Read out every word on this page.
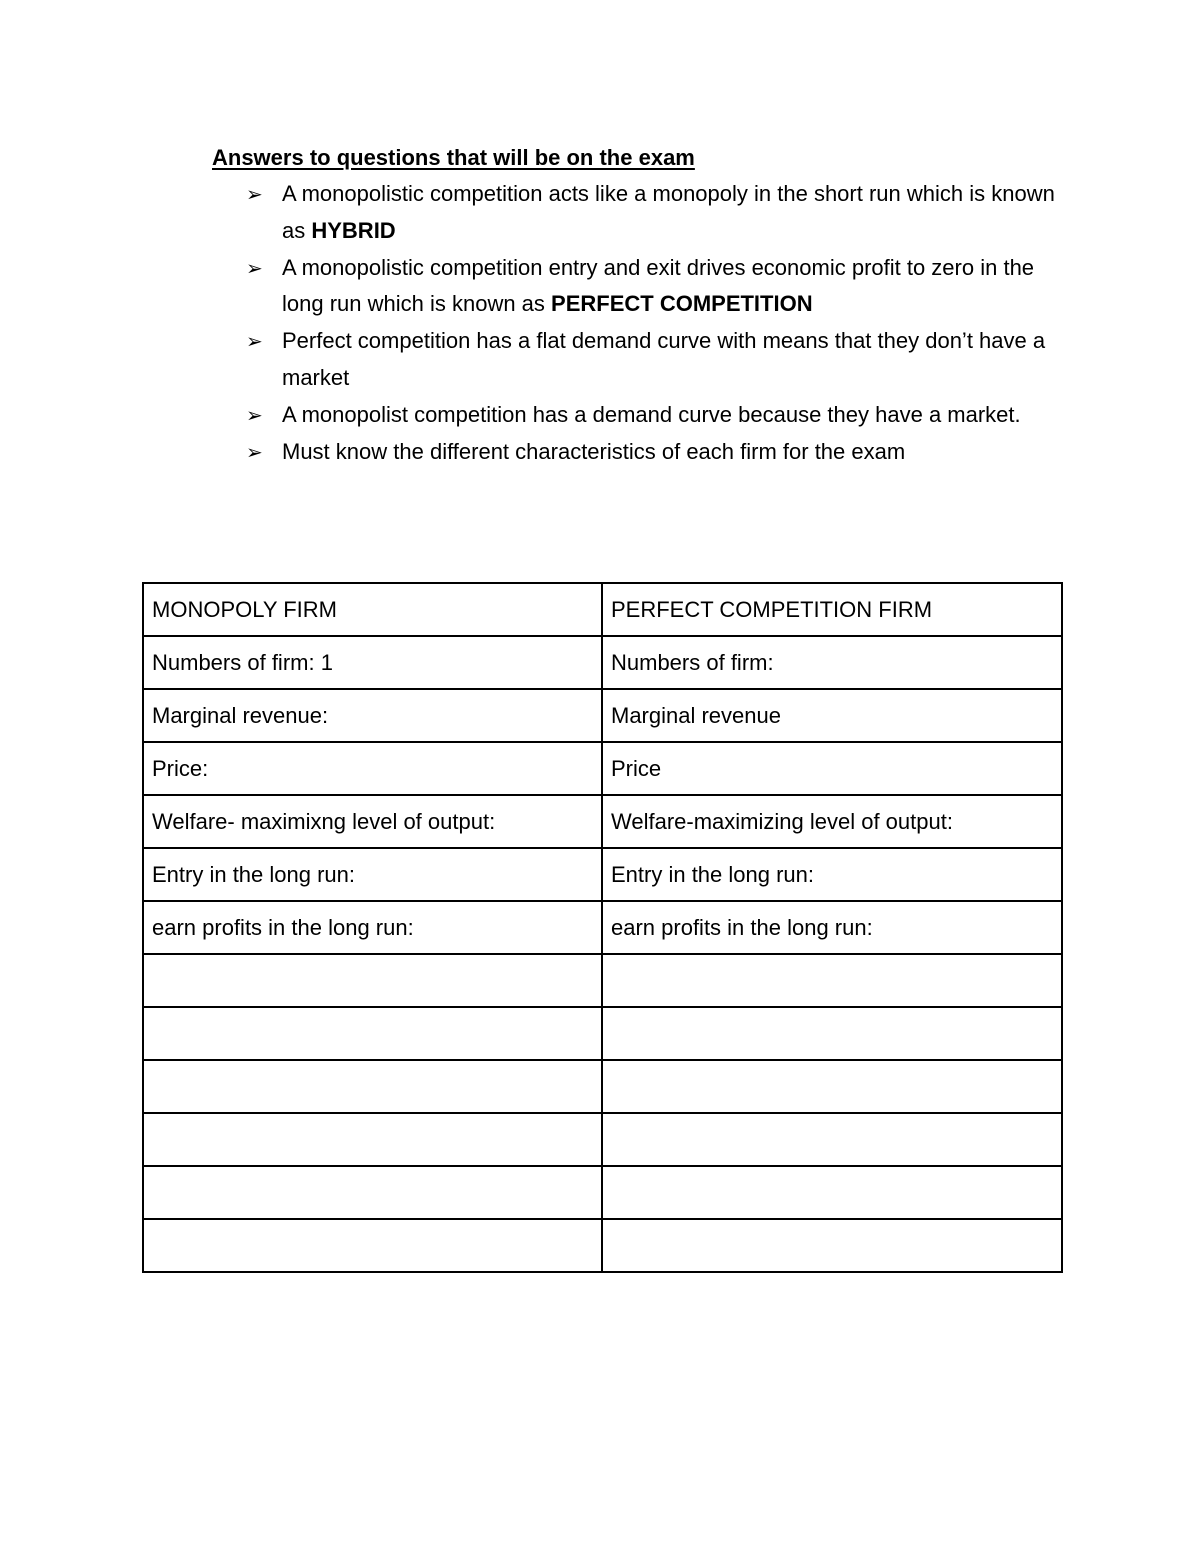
Answers to questions that will be on the exam
➢ A monopolistic competition acts like a monopoly in the short run which is known as HYBRID
➢ A monopolistic competition entry and exit drives economic profit to zero in the long run which is known as PERFECT COMPETITION
➢ Perfect competition has a flat demand curve with means that they don’t have a market
➢ A monopolist competition has a demand curve because they have a market.
➢ Must know the different characteristics of each firm for the exam
MONOPOLY FIRM	PERFECT COMPETITION FIRM
Numbers of firm: 1	Numbers of firm:
Marginal revenue:	Marginal revenue
Price:	Price
Welfare- maximixng level of output:	Welfare-maximizing level of output:
Entry in the long run:	Entry in the long run:
earn profits in the long run:	earn profits in the long run:
